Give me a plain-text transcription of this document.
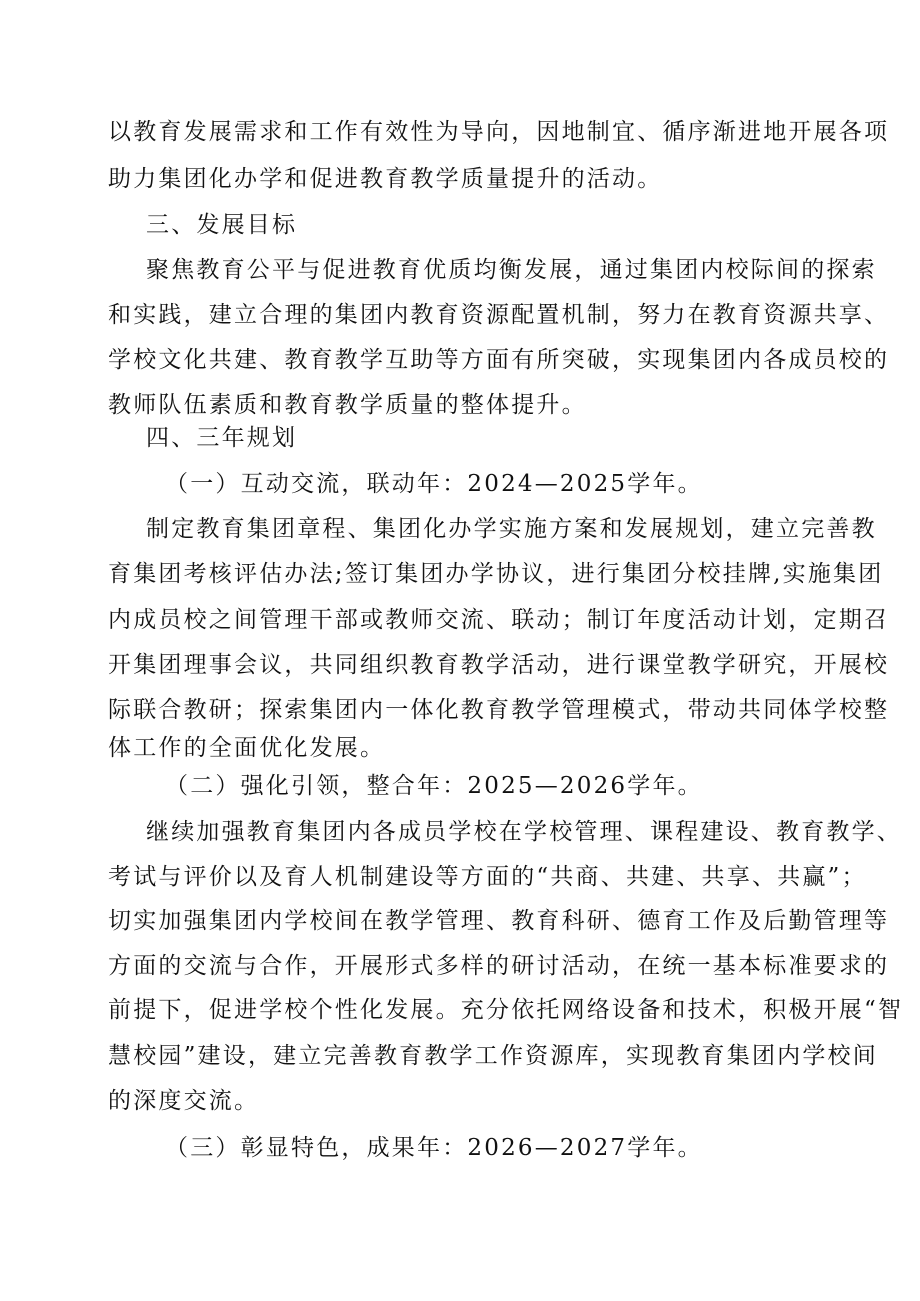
以教育发展需求和工作有效性为导向，因地制宜、循序渐进地开展各项
助力集团化办学和促进教育教学质量提升的活动。
三、发展目标
聚焦教育公平与促进教育优质均衡发展，通过集团内校际间的探索
和实践，建立合理的集团内教育资源配置机制，努力在教育资源共享、
学校文化共建、教育教学互助等方面有所突破，实现集团内各成员校的
教师队伍素质和教育教学质量的整体提升。
四、三年规划
（一）互动交流，联动年：2024—2025学年。
制定教育集团章程、集团化办学实施方案和发展规划，建立完善教
育集团考核评估办法;签订集团办学协议，进行集团分校挂牌,实施集团
内成员校之间管理干部或教师交流、联动；制订年度活动计划，定期召
开集团理事会议，共同组织教育教学活动，进行课堂教学研究，开展校
际联合教研；探索集团内一体化教育教学管理模式，带动共同体学校整
体工作的全面优化发展。
（二）强化引领，整合年：2025—2026学年。
继续加强教育集团内各成员学校在学校管理、课程建设、教育教学、
考试与评价以及育人机制建设等方面的“共商、共建、共享、共赢”；
切实加强集团内学校间在教学管理、教育科研、德育工作及后勤管理等
方面的交流与合作，开展形式多样的研讨活动，在统一基本标准要求的
前提下，促进学校个性化发展。充分依托网络设备和技术，积极开展“智
慧校园”建设，建立完善教育教学工作资源库，实现教育集团内学校间
的深度交流。
（三）彰显特色，成果年：2026—2027学年。
